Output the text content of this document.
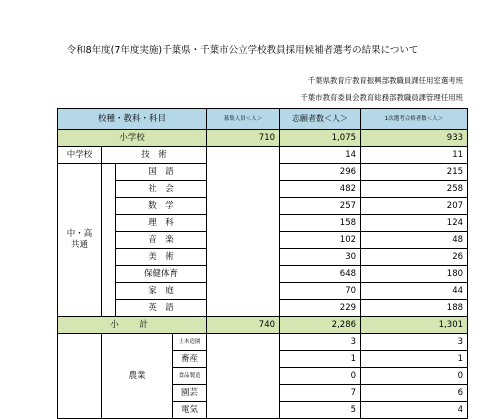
令和8年度(7年度実施)千葉県・千葉市公立学校教員採用候補者選考の結果について
千葉県教育庁教育振興部教職員課任用室選考班
千葉市教育委員会教育総務部教職員課管理任用班
校種・教科・科目				募集人員＜人＞	志願者数＜人＞	1次選考合格者数＜人＞	
小学校				710	1,075	933	
中学校	技　術				14	11	
中・高
共通		国　語			296	215	
		社　会			482	258	
		数　学			257	207	
		理　科			158	124	
		音　楽			102	48	
		美　術			30	26	
		保健体育			648	180	
		家　庭			70	44	
		英　語			229	188	
小　計				740	2,286	1,301	
	農業		土木造園		3	3	
			畜産		1	1	
			食品製造		0	0	
			園芸		7	6	
			電気		5	4	
